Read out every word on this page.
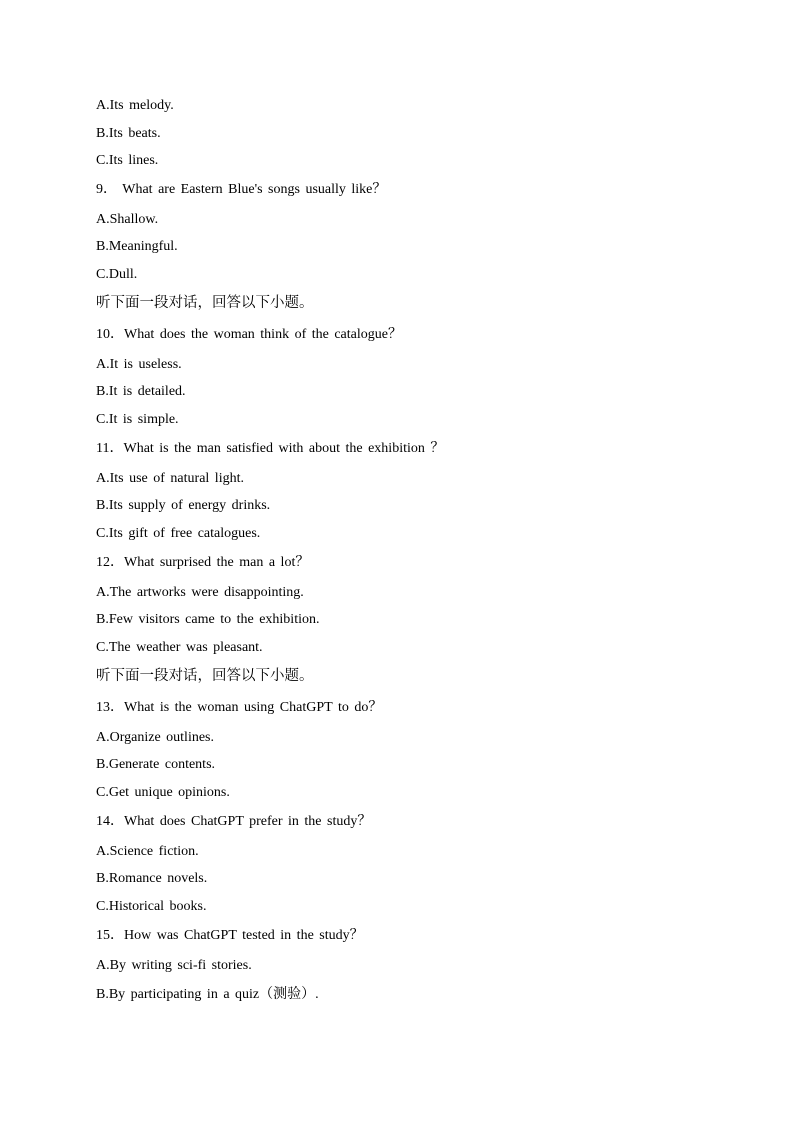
A.Its melody.
B.Its beats.
C.Its lines.
9． What are Eastern Blue's songs usually like？
A.Shallow.
B.Meaningful.
C.Dull.
听下面一段对话，回答以下小题。
10．What does the woman think of the catalogue？
A.It is useless.
B.It is detailed.
C.It is simple.
11．What is the man satisfied with about the exhibition ？
A.Its use of natural light.
B.Its supply of energy drinks.
C.Its gift of free catalogues.
12．What surprised the man a lot？
A.The artworks were disappointing.
B.Few visitors came to the exhibition.
C.The weather was pleasant.
听下面一段对话，回答以下小题。
13．What is the woman using ChatGPT to do？
A.Organize outlines.
B.Generate contents.
C.Get unique opinions.
14．What does ChatGPT prefer in the study？
A.Science fiction.
B.Romance novels.
C.Historical books.
15．How was ChatGPT tested in the study？
A.By writing sci-fi stories.
B.By participating in a quiz（测验）.
